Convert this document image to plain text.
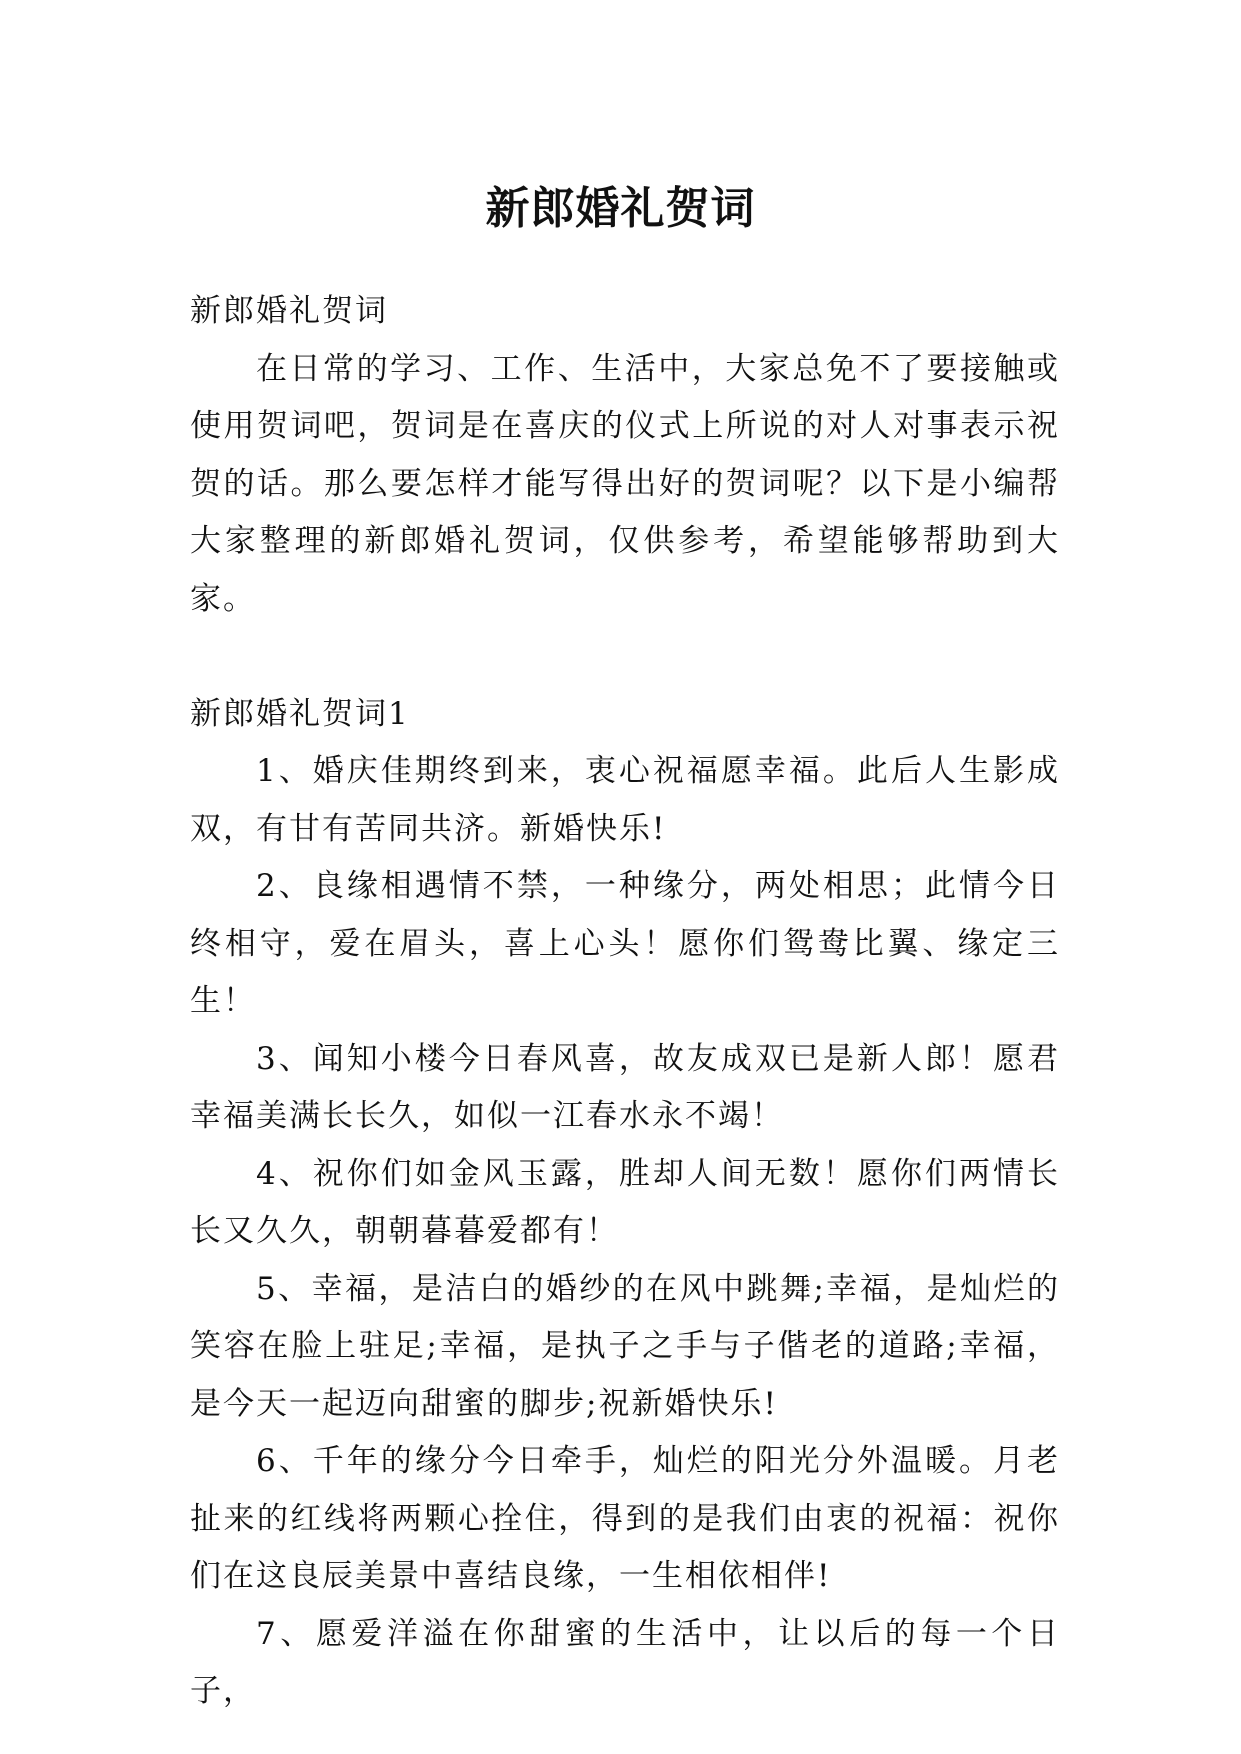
新郎婚礼贺词

新郎婚礼贺词

在日常的学习、工作、生活中，大家总免不了要接触或使用贺词吧，贺词是在喜庆的仪式上所说的对人对事表示祝贺的话。那么要怎样才能写得出好的贺词呢？以下是小编帮大家整理的新郎婚礼贺词，仅供参考，希望能够帮助到大家。

新郎婚礼贺词1

1、婚庆佳期终到来，衷心祝福愿幸福。此后人生影成双，有甘有苦同共济。新婚快乐!

2、良缘相遇情不禁，一种缘分，两处相思；此情今日终相守，爱在眉头，喜上心头！愿你们鸳鸯比翼、缘定三生！

3、闻知小楼今日春风喜，故友成双已是新人郎！愿君幸福美满长长久，如似一江春水永不竭！

4、祝你们如金风玉露，胜却人间无数！愿你们两情长长又久久，朝朝暮暮爱都有！

5、幸福，是洁白的婚纱的在风中跳舞;幸福，是灿烂的笑容在脸上驻足;幸福，是执子之手与子偕老的道路;幸福，是今天一起迈向甜蜜的脚步;祝新婚快乐!

6、千年的缘分今日牵手，灿烂的阳光分外温暖。月老扯来的红线将两颗心拴住，得到的是我们由衷的祝福：祝你们在这良辰美景中喜结良缘，一生相依相伴!

7、愿爱洋溢在你甜蜜的生活中，让以后的每一个日子，
